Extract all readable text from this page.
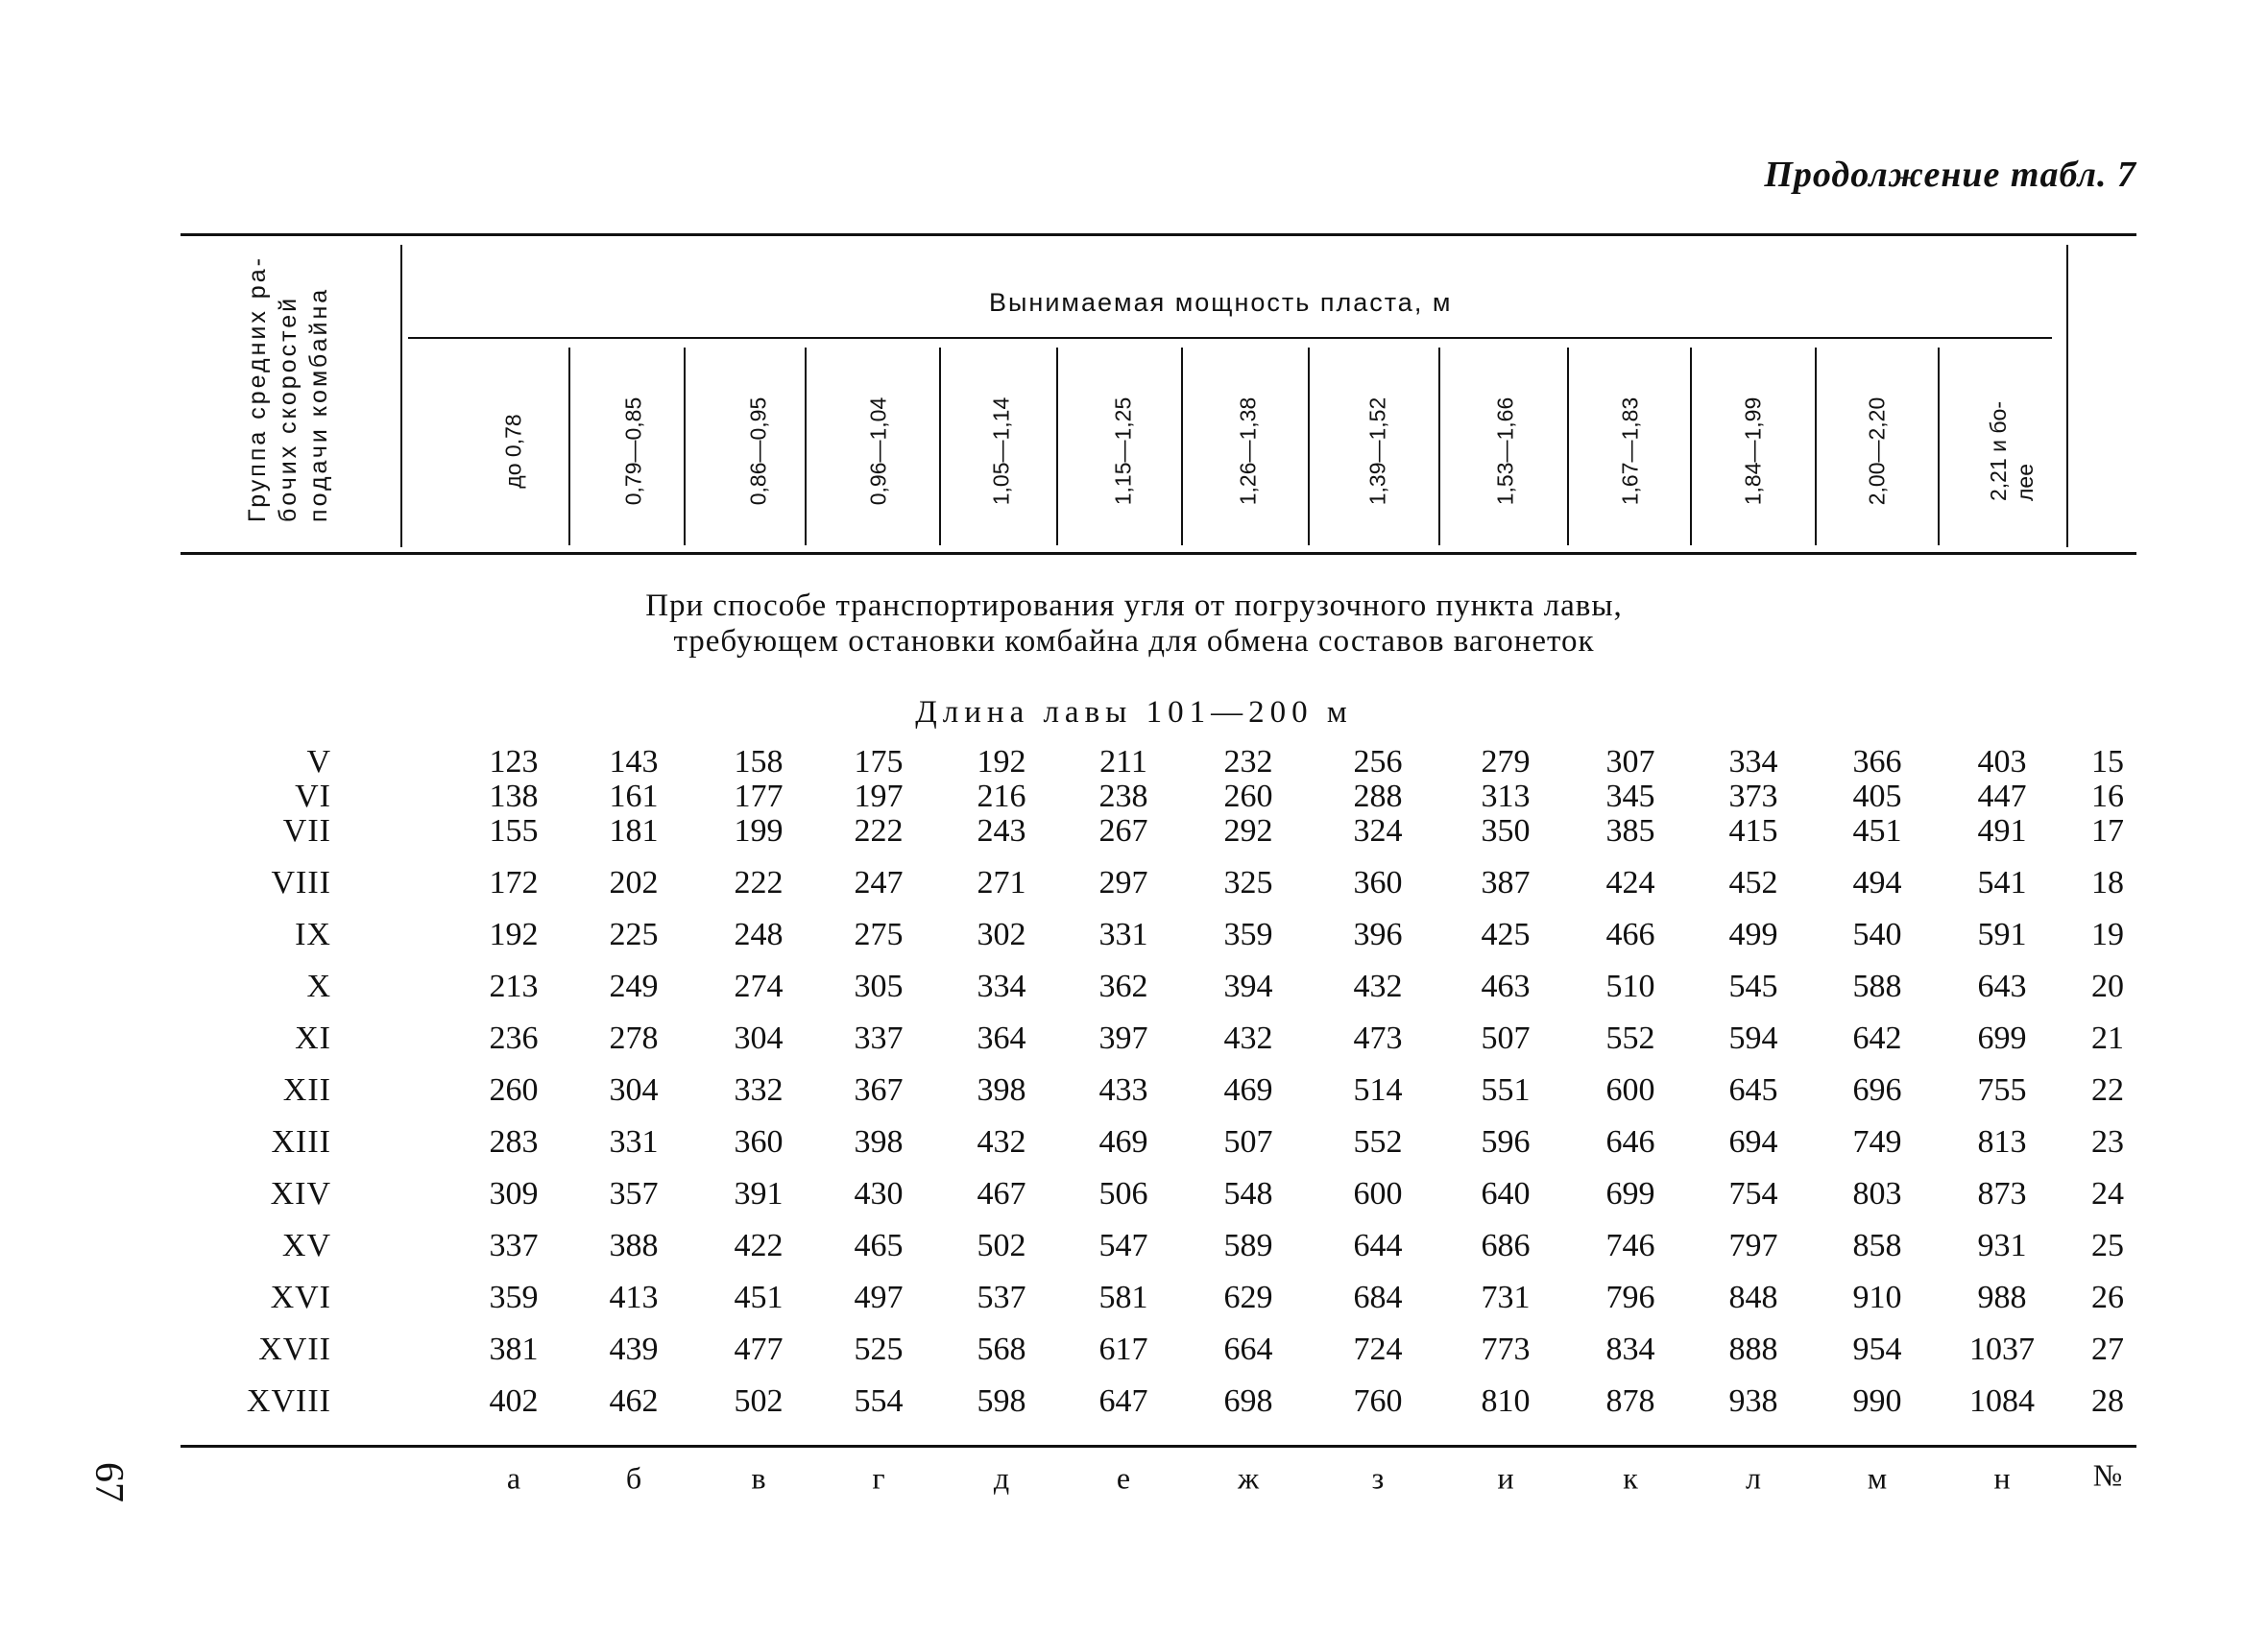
Продолжение табл. 7
Группа средних ра-
бочих скоростей
подачи комбайна	Вынимаемая мощность пласта, м
до 0,78	0,79—0,85	0,86—0,95	0,96—1,04	1,05—1,14	1,15—1,25	1,26—1,38	1,39—1,52	1,53—1,66	1,67—1,83	1,84—1,99	2,00—2,20	2,21 и бо-
лее
При способе транспортирования угля от погрузочного пункта лавы,
требующем остановки комбайна для обмена составов вагонеток
Длина лавы 101—200 м
V	123	143	158	175	192	211	232	256	279	307	334	366	403	15
VI	138	161	177	197	216	238	260	288	313	345	373	405	447	16
VII	155	181	199	222	243	267	292	324	350	385	415	451	491	17
VIII	172	202	222	247	271	297	325	360	387	424	452	494	541	18
IX	192	225	248	275	302	331	359	396	425	466	499	540	591	19
X	213	249	274	305	334	362	394	432	463	510	545	588	643	20
XI	236	278	304	337	364	397	432	473	507	552	594	642	699	21
XII	260	304	332	367	398	433	469	514	551	600	645	696	755	22
XIII	283	331	360	398	432	469	507	552	596	646	694	749	813	23
XIV	309	357	391	430	467	506	548	600	640	699	754	803	873	24
XV	337	388	422	465	502	547	589	644	686	746	797	858	931	25
XVI	359	413	451	497	537	581	629	684	731	796	848	910	988	26
XVII	381	439	477	525	568	617	664	724	773	834	888	954	1037	27
XVIII	402	462	502	554	598	647	698	760	810	878	938	990	1084	28
а	б	в	г	д	е	ж	з	и	к	л	м	н	№
67
